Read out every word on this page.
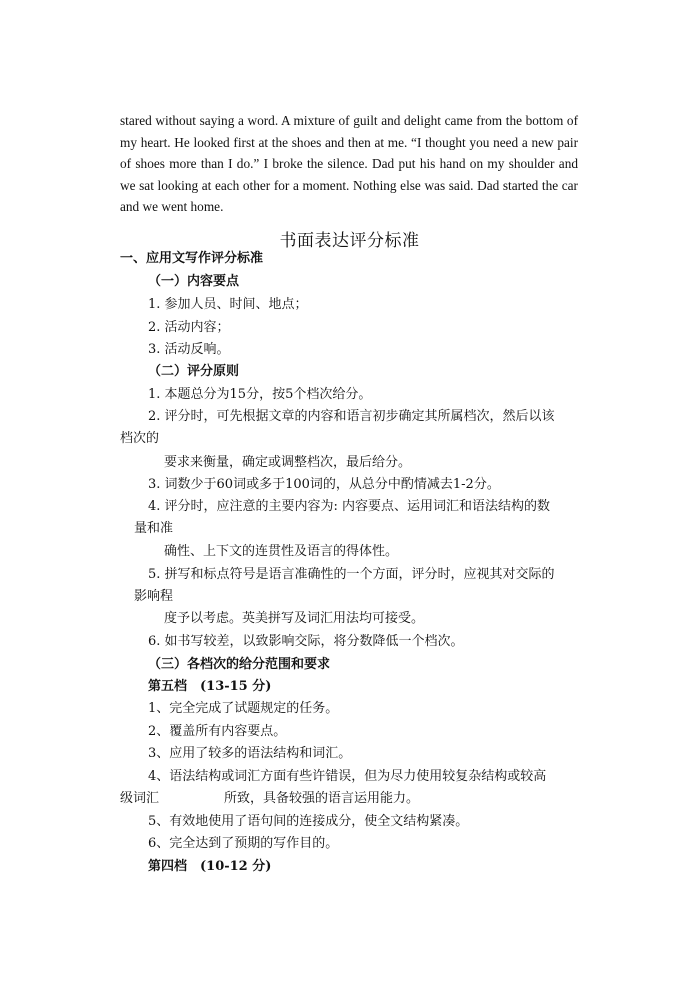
stared without saying a word. A mixture of guilt and delight came from the bottom of my heart. He looked first at the shoes and then at me. “I thought you need a new pair of shoes more than I do.” I broke the silence. Dad put his hand on my shoulder and we sat looking at each other for a moment. Nothing else was said. Dad started the car and we went home.

书面表达评分标准
一、应用文写作评分标准
（一）内容要点
1. 参加人员、时间、地点；
2. 活动内容；
3. 活动反响。
（二）评分原则
1. 本题总分为15分，按5个档次给分。
2. 评分时，可先根据文章的内容和语言初步确定其所属档次，然后以该
档次的
要求来衡量，确定或调整档次，最后给分。
3. 词数少于60词或多于100词的，从总分中酌情减去1-2分。
4. 评分时，应注意的主要内容为: 内容要点、运用词汇和语法结构的数
量和准
确性、上下文的连贯性及语言的得体性。
5. 拼写和标点符号是语言准确性的一个方面，评分时，应视其对交际的
影响程
度予以考虑。英美拼写及词汇用法均可接受。
6. 如书写较差，以致影响交际，将分数降低一个档次。
（三）各档次的给分范围和要求
第五档　(13-15 分)
1、完全完成了试题规定的任务。
2、覆盖所有内容要点。
3、应用了较多的语法结构和词汇。
4、语法结构或词汇方面有些许错误，但为尽力使用较复杂结构或较高
级词汇　　　　　所致，具备较强的语言运用能力。
5、有效地使用了语句间的连接成分，使全文结构紧凑。
6、完全达到了预期的写作目的。
第四档　(10-12 分)
